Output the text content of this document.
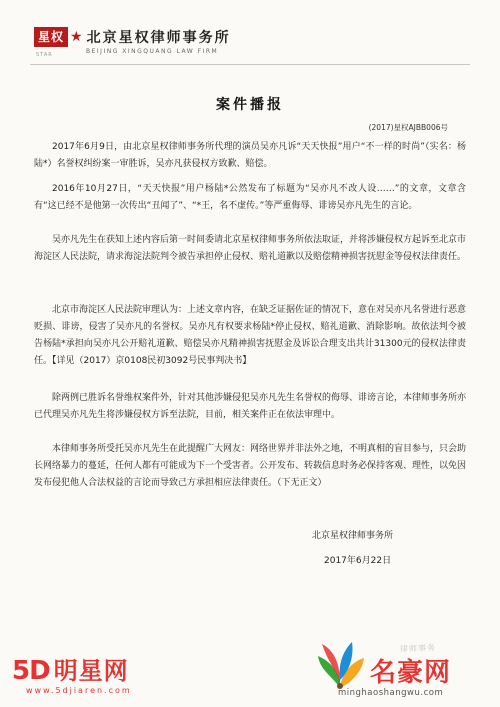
星权 ★ 北京星权律师事务所
STAR	BEIJING XINGQUANG LAW FIRM
案件播报
(2017)星权AJBB006号

2017年6月9日，由北京星权律师事务所代理的演员吴亦凡诉“天天快报”用户“不一样的时尚”（实名：杨陆*）名誉权纠纷案一审胜诉，吴亦凡获侵权方致歉、赔偿。

2016年10月27日，“天天快报”用户杨陆*公然发布了标题为“吴亦凡不改人设……”的文章，文章含有“这已经不是他第一次传出“丑闻了”、“*王，名不虚传。”等严重侮辱、诽谤吴亦凡先生的言论。

吴亦凡先生在获知上述内容后第一时间委请北京星权律师事务所依法取证，并将涉嫌侵权方起诉至北京市海淀区人民法院，请求海淀法院判令被告承担停止侵权、赔礼道歉以及赔偿精神损害抚慰金等侵权法律责任。

北京市海淀区人民法院审理认为：上述文章内容，在缺乏证据佐证的情况下，意在对吴亦凡名誉进行恶意贬损、诽谤，侵害了吴亦凡的名誉权。吴亦凡有权要求杨陆*停止侵权、赔礼道歉、消除影响。故依法判令被告杨陆*承担向吴亦凡公开赔礼道歉、赔偿吴亦凡精神损害抚慰金及诉讼合理支出共计31300元的侵权法律责任。【详见（2017）京0108民初3092号民事判决书】

除两例已胜诉名誉维权案件外，针对其他涉嫌侵犯吴亦凡先生名誉权的侮辱、诽谤言论，本律师事务所亦已代理吴亦凡先生将涉嫌侵权方诉至法院，目前，相关案件正在依法审理中。

本律师事务所受托吴亦凡先生在此提醒广大网友：网络世界并非法外之地，不明真相的盲目参与，只会助长网络暴力的蔓延，任何人都有可能成为下一个受害者。公开发布、转载信息时务必保持客观、理性，以免因发布侵犯他人合法权益的言论而导致己方承担相应法律责任。（下无正文）

北京星权律师事务所
2017年6月22日
律师事务
5D 明星网
www.5djiaren.com
名豪网
minghaoshangwu.com
